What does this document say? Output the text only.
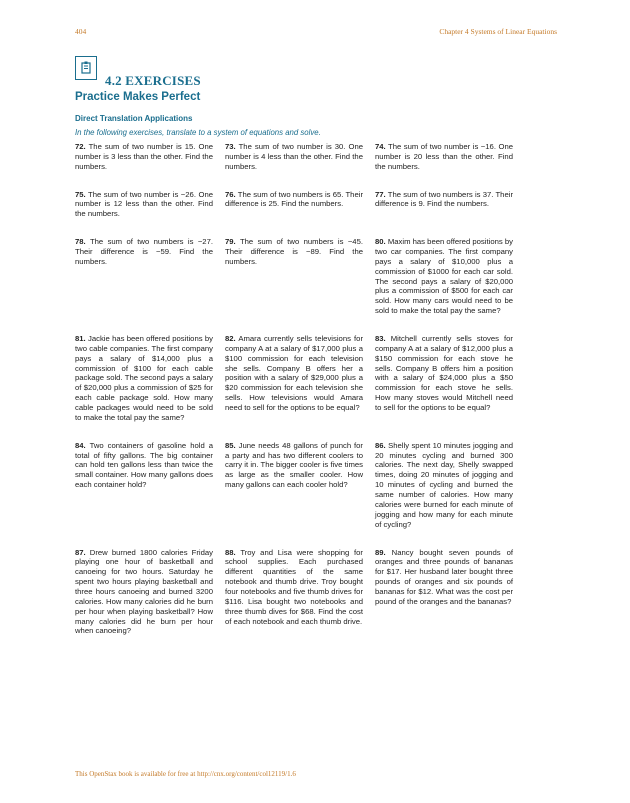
404	Chapter 4 Systems of Linear Equations
4.2 EXERCISES
Practice Makes Perfect
Direct Translation Applications
In the following exercises, translate to a system of equations and solve.
72. The sum of two number is 15. One number is 3 less than the other. Find the numbers.
73. The sum of two number is 30. One number is 4 less than the other. Find the numbers.
74. The sum of two number is −16. One number is 20 less than the other. Find the numbers.
75. The sum of two number is −26. One number is 12 less than the other. Find the numbers.
76. The sum of two numbers is 65. Their difference is 25. Find the numbers.
77. The sum of two numbers is 37. Their difference is 9. Find the numbers.
78. The sum of two numbers is −27. Their difference is −59. Find the numbers.
79. The sum of two numbers is −45. Their difference is −89. Find the numbers.
80. Maxim has been offered positions by two car companies. The first company pays a salary of $10,000 plus a commission of $1000 for each car sold. The second pays a salary of $20,000 plus a commission of $500 for each car sold. How many cars would need to be sold to make the total pay the same?
81. Jackie has been offered positions by two cable companies. The first company pays a salary of $14,000 plus a commission of $100 for each cable package sold. The second pays a salary of $20,000 plus a commission of $25 for each cable package sold. How many cable packages would need to be sold to make the total pay the same?
82. Amara currently sells televisions for company A at a salary of $17,000 plus a $100 commission for each television she sells. Company B offers her a position with a salary of $29,000 plus a $20 commission for each television she sells. How televisions would Amara need to sell for the options to be equal?
83. Mitchell currently sells stoves for company A at a salary of $12,000 plus a $150 commission for each stove he sells. Company B offers him a position with a salary of $24,000 plus a $50 commission for each stove he sells. How many stoves would Mitchell need to sell for the options to be equal?
84. Two containers of gasoline hold a total of fifty gallons. The big container can hold ten gallons less than twice the small container. How many gallons does each container hold?
85. June needs 48 gallons of punch for a party and has two different coolers to carry it in. The bigger cooler is five times as large as the smaller cooler. How many gallons can each cooler hold?
86. Shelly spent 10 minutes jogging and 20 minutes cycling and burned 300 calories. The next day, Shelly swapped times, doing 20 minutes of jogging and 10 minutes of cycling and burned the same number of calories. How many calories were burned for each minute of jogging and how many for each minute of cycling?
87. Drew burned 1800 calories Friday playing one hour of basketball and canoeing for two hours. Saturday he spent two hours playing basketball and three hours canoeing and burned 3200 calories. How many calories did he burn per hour when playing basketball? How many calories did he burn per hour when canoeing?
88. Troy and Lisa were shopping for school supplies. Each purchased different quantities of the same notebook and thumb drive. Troy bought four notebooks and five thumb drives for $116. Lisa bought two notebooks and three thumb dives for $68. Find the cost of each notebook and each thumb drive.
89. Nancy bought seven pounds of oranges and three pounds of bananas for $17. Her husband later bought three pounds of oranges and six pounds of bananas for $12. What was the cost per pound of the oranges and the bananas?
This OpenStax book is available for free at http://cnx.org/content/col12119/1.6
